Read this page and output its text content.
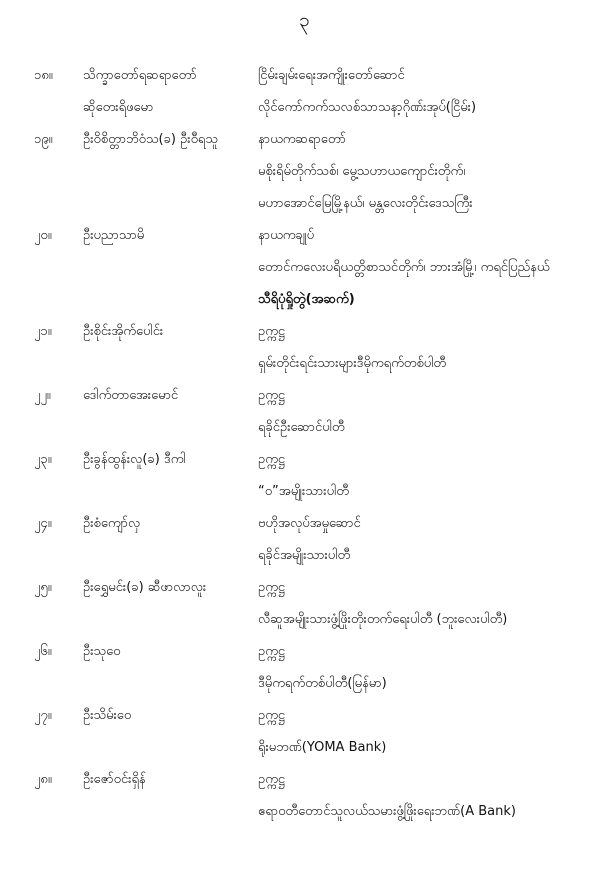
၃
၁၈။ သိက္ခာတော်ရဆရာတော်	ငြိမ်းချမ်းရေးအကျိုးတော်ဆောင်
ဆိုတေးရိဖမော	လိုင်ကော်ကက်သလစ်သာသနာ့ဂိုဏ်းအုပ်(ငြိမ်း)
၁၉။ ဦးဝိစိတ္တာဘိဝံသ(ခ) ဦးဝီရသူ	နာယကဆရာတော်
မစိုးရိမ်တိုက်သစ်၊ မွေ့သဟာယကျောင်းတိုက်၊
မဟာအောင်မြေမြို့နယ်၊ မန္တလေးတိုင်းဒေသကြီး
၂၀။ ဦးပညာသာမိ	နာယကချုပ်
တောင်ကလေးပရိယတ္တိစာသင်တိုက်၊ ဘားအံမြို့၊ ကရင်ပြည်နယ်
သီရိပုံရှိုတွဲ(အဆက်)
၂၁။ ဦးစိုင်းအိုက်ပေါင်း	ဥက္ကဋ္ဌ
ရှမ်းတိုင်းရင်းသားများဒီမိုကရက်တစ်ပါတီ
၂၂။ ဒေါက်တာအေးမောင်	ဥက္ကဋ္ဌ
ရခိုင်ဦးဆောင်ပါတီ
၂၃။ ဦးခွန်ထွန်းလူ(ခ) ဒီကါ	ဥက္ကဋ္ဌ
“ဝ”အမျိုးသားပါတီ
၂၄။ ဦးစံကျော်လှ	ဗဟိုအလုပ်အမှုဆောင်
ရခိုင်အမျိုးသားပါတီ
၂၅။ ဦးရွှေမင်း(ခ) ဆီဖာလာလူး	ဥက္ကဋ္ဌ
လီဆူအမျိုးသားဖွံ့ဖြိုးတိုးတက်ရေးပါတီ (ဘူးလေးပါတီ)
၂၆။ ဦးသုဝေ	ဥက္ကဋ္ဌ
ဒီမိုကရက်တစ်ပါတီ(မြန်မာ)
၂၇။ ဦးသိမ်းဝေ	ဥက္ကဋ္ဌ
ရိုးမဘဏ်(YOMA Bank)
၂၈။ ဦးဇော်ဝင်းရှိန်	ဥက္ကဋ္ဌ
ဧရာဝတီတောင်သူလယ်သမားဖွံ့ဖြိုးရေးဘဏ်(A Bank)
